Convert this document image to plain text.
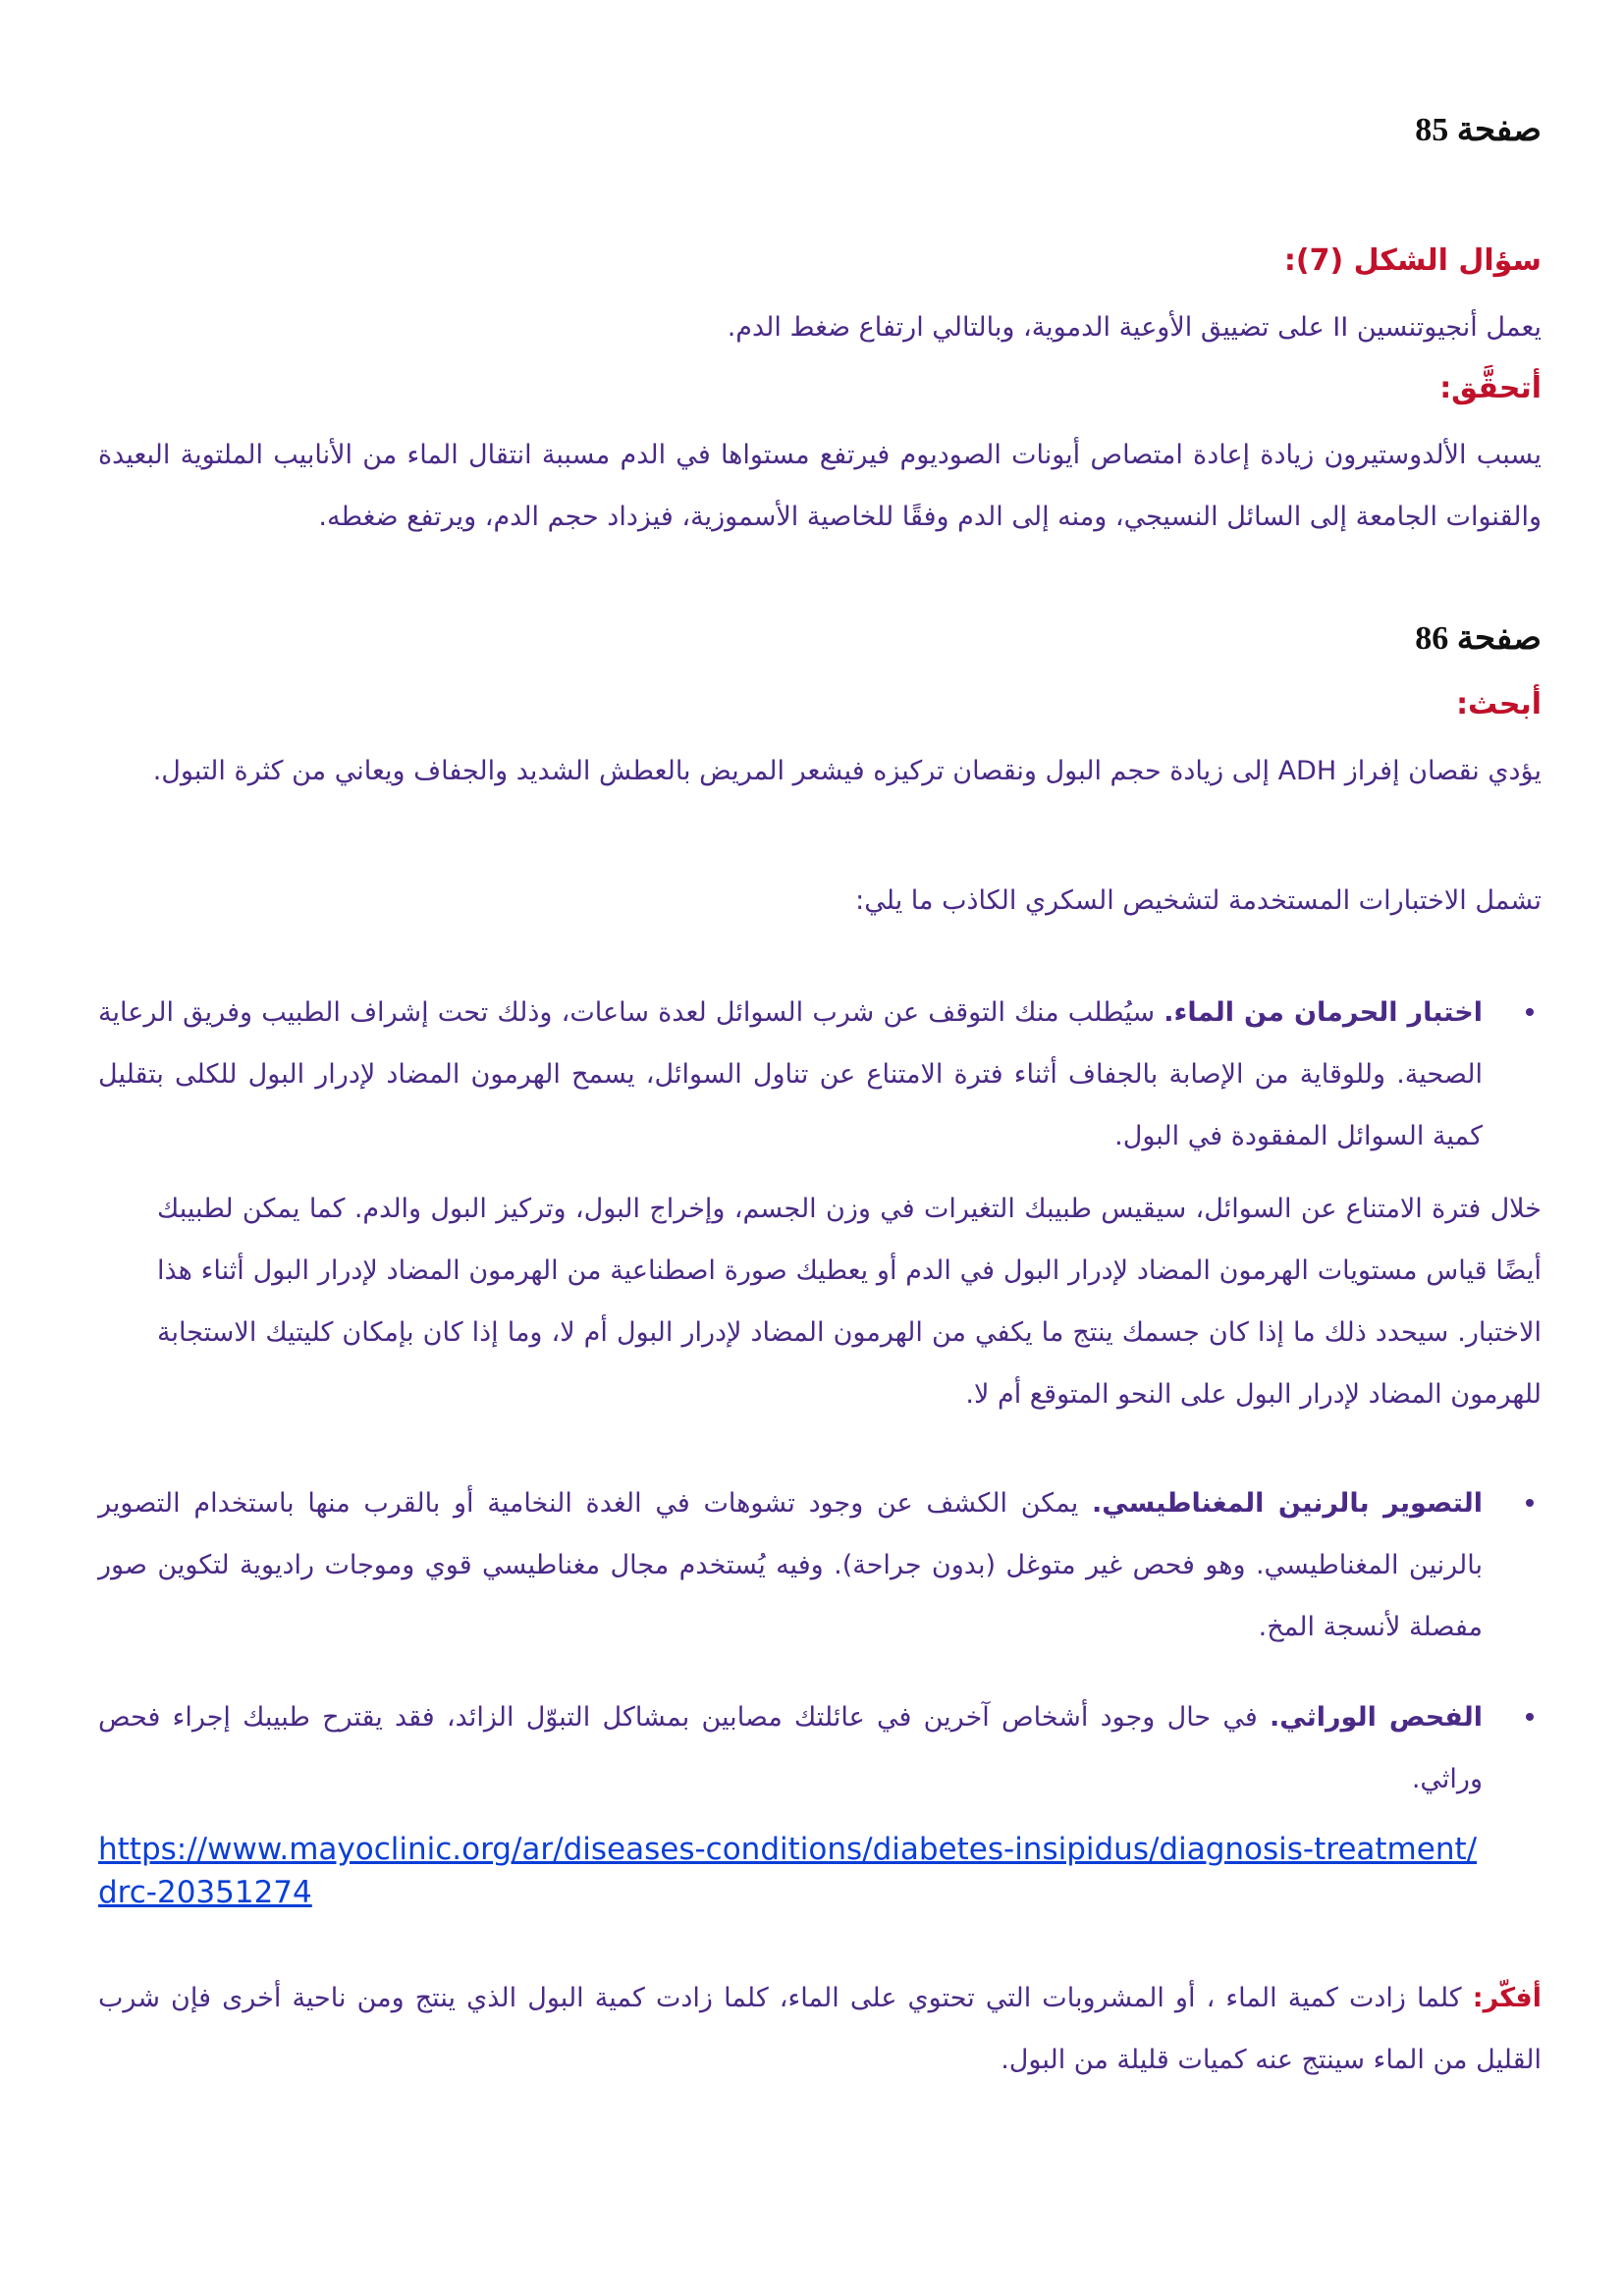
صفحة 85
سؤال الشكل (7):

يعمل أنجيوتنسين II على تضييق الأوعية الدموية، وبالتالي ارتفاع ضغط الدم.

أتحقَّق:

يسبب الألدوستيرون زيادة إعادة امتصاص أيونات الصوديوم فيرتفع مستواها في الدم مسببة انتقال الماء من الأنابيب الملتوية البعيدة والقنوات الجامعة إلى السائل النسيجي، ومنه إلى الدم وفقًا للخاصية الأسموزية، فيزداد حجم الدم، ويرتفع ضغطه.

صفحة 86
أبحث:

يؤدي نقصان إفراز ADH إلى زيادة حجم البول ونقصان تركيزه فيشعر المريض بالعطش الشديد والجفاف ويعاني من كثرة التبول.

تشمل الاختبارات المستخدمة لتشخيص السكري الكاذب ما يلي:

اختبار الحرمان من الماء. سيُطلب منك التوقف عن شرب السوائل لعدة ساعات، وذلك تحت إشراف الطبيب وفريق الرعاية الصحية. وللوقاية من الإصابة بالجفاف أثناء فترة الامتناع عن تناول السوائل، يسمح الهرمون المضاد لإدرار البول للكلى بتقليل كمية السوائل المفقودة في البول.

خلال فترة الامتناع عن السوائل، سيقيس طبيبك التغيرات في وزن الجسم، وإخراج البول، وتركيز البول والدم. كما يمكن لطبيبك أيضًا قياس مستويات الهرمون المضاد لإدرار البول في الدم أو يعطيك صورة اصطناعية من الهرمون المضاد لإدرار البول أثناء هذا الاختبار. سيحدد ذلك ما إذا كان جسمك ينتج ما يكفي من الهرمون المضاد لإدرار البول أم لا، وما إذا كان بإمكان كليتيك الاستجابة للهرمون المضاد لإدرار البول على النحو المتوقع أم لا.

التصوير بالرنين المغناطيسي. يمكن الكشف عن وجود تشوهات في الغدة النخامية أو بالقرب منها باستخدام التصوير بالرنين المغناطيسي. وهو فحص غير متوغل (بدون جراحة). وفيه يُستخدم مجال مغناطيسي قوي وموجات راديوية لتكوين صور مفصلة لأنسجة المخ.

الفحص الوراثي. في حال وجود أشخاص آخرين في عائلتك مصابين بمشاكل التبوّل الزائد، فقد يقترح طبيبك إجراء فحص وراثي.

https://www.mayoclinic.org/ar/diseases-conditions/diabetes-insipidus/diagnosis-treatment/drc-20351274

أفكّر: كلما زادت كمية الماء ، أو المشروبات التي تحتوي على الماء، كلما زادت كمية البول الذي ينتج ومن ناحية أخرى فإن شرب القليل من الماء سينتج عنه كميات قليلة من البول.
